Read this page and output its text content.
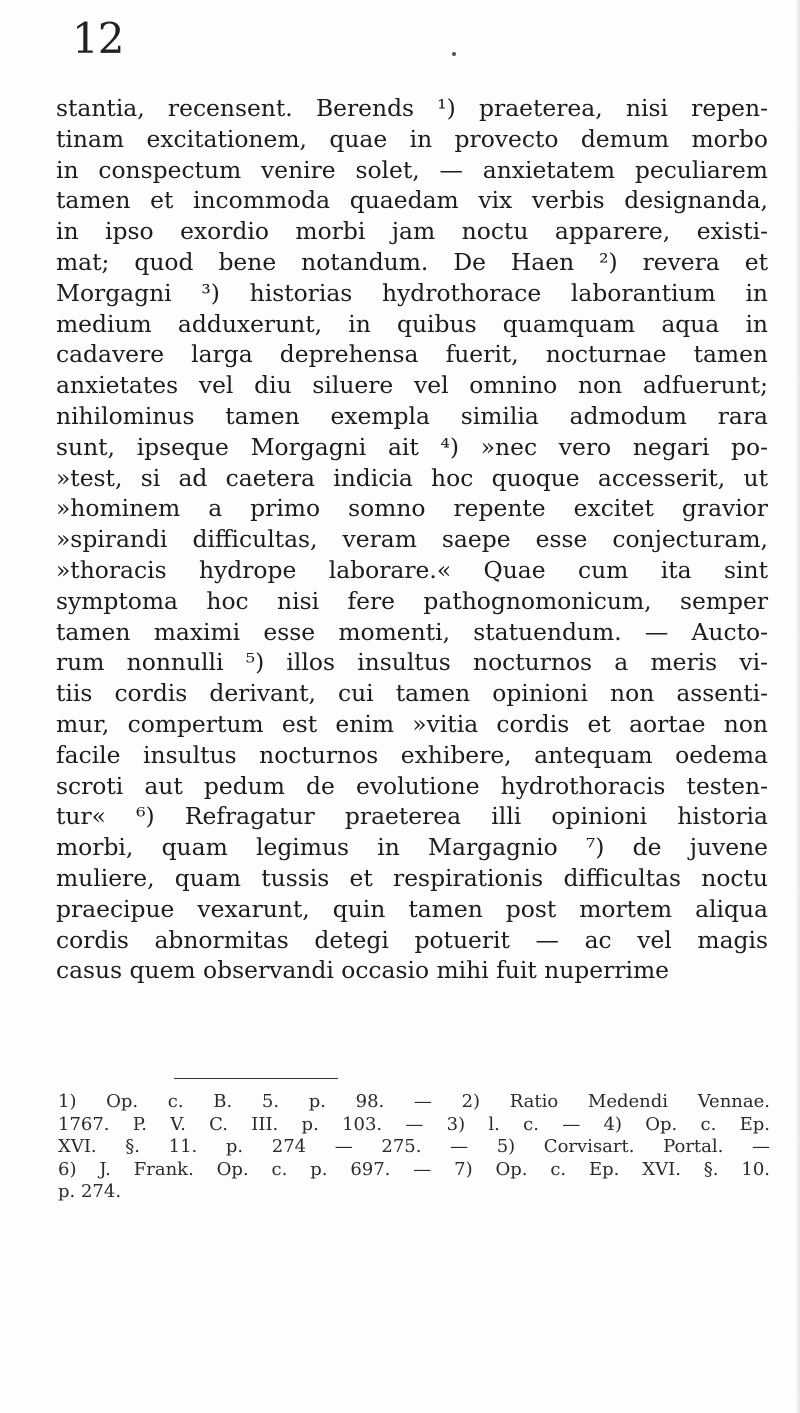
12
stantia, recensent. Berends ¹) praeterea, nisi repen-
tinam excitationem, quae in provecto demum morbo
in conspectum venire solet, — anxietatem peculiarem
tamen et incommoda quaedam vix verbis designanda,
in ipso exordio morbi jam noctu apparere, existi-
mat; quod bene notandum. De Haen ²) revera et
Morgagni ³) historias hydrothorace laborantium in
medium adduxerunt, in quibus quamquam aqua in
cadavere larga deprehensa fuerit, nocturnae tamen
anxietates vel diu siluere vel omnino non adfuerunt;
nihilominus tamen exempla similia admodum rara
sunt, ipseque Morgagni ait ⁴) »nec vero negari po-
»test, si ad caetera indicia hoc quoque accesserit, ut
»hominem a primo somno repente excitet gravior
»spirandi difficultas, veram saepe esse conjecturam,
»thoracis hydrope laborare.« Quae cum ita sint
symptoma hoc nisi fere pathognomonicum, semper
tamen maximi esse momenti, statuendum. — Aucto-
rum nonnulli ⁵) illos insultus nocturnos a meris vi-
tiis cordis derivant, cui tamen opinioni non assenti-
mur, compertum est enim »vitia cordis et aortae non
facile insultus nocturnos exhibere, antequam oedema
scroti aut pedum de evolutione hydrothoracis testen-
tur« ⁶) Refragatur praeterea illi opinioni historia
morbi, quam legimus in Margagnio ⁷) de juvene
muliere, quam tussis et respirationis difficultas noctu
praecipue vexarunt, quin tamen post mortem aliqua
cordis abnormitas detegi potuerit — ac vel magis
casus quem observandi occasio mihi fuit nuperrime
1) Op. c. B. 5. p. 98. — 2) Ratio Medendi Vennae.
1767. P. V. C. III. p. 103. — 3) l. c. — 4) Op. c. Ep.
XVI. §. 11. p. 274 — 275. — 5) Corvisart. Portal. —
6) J. Frank. Op. c. p. 697. — 7) Op. c. Ep. XVI. §. 10.
p. 274.
